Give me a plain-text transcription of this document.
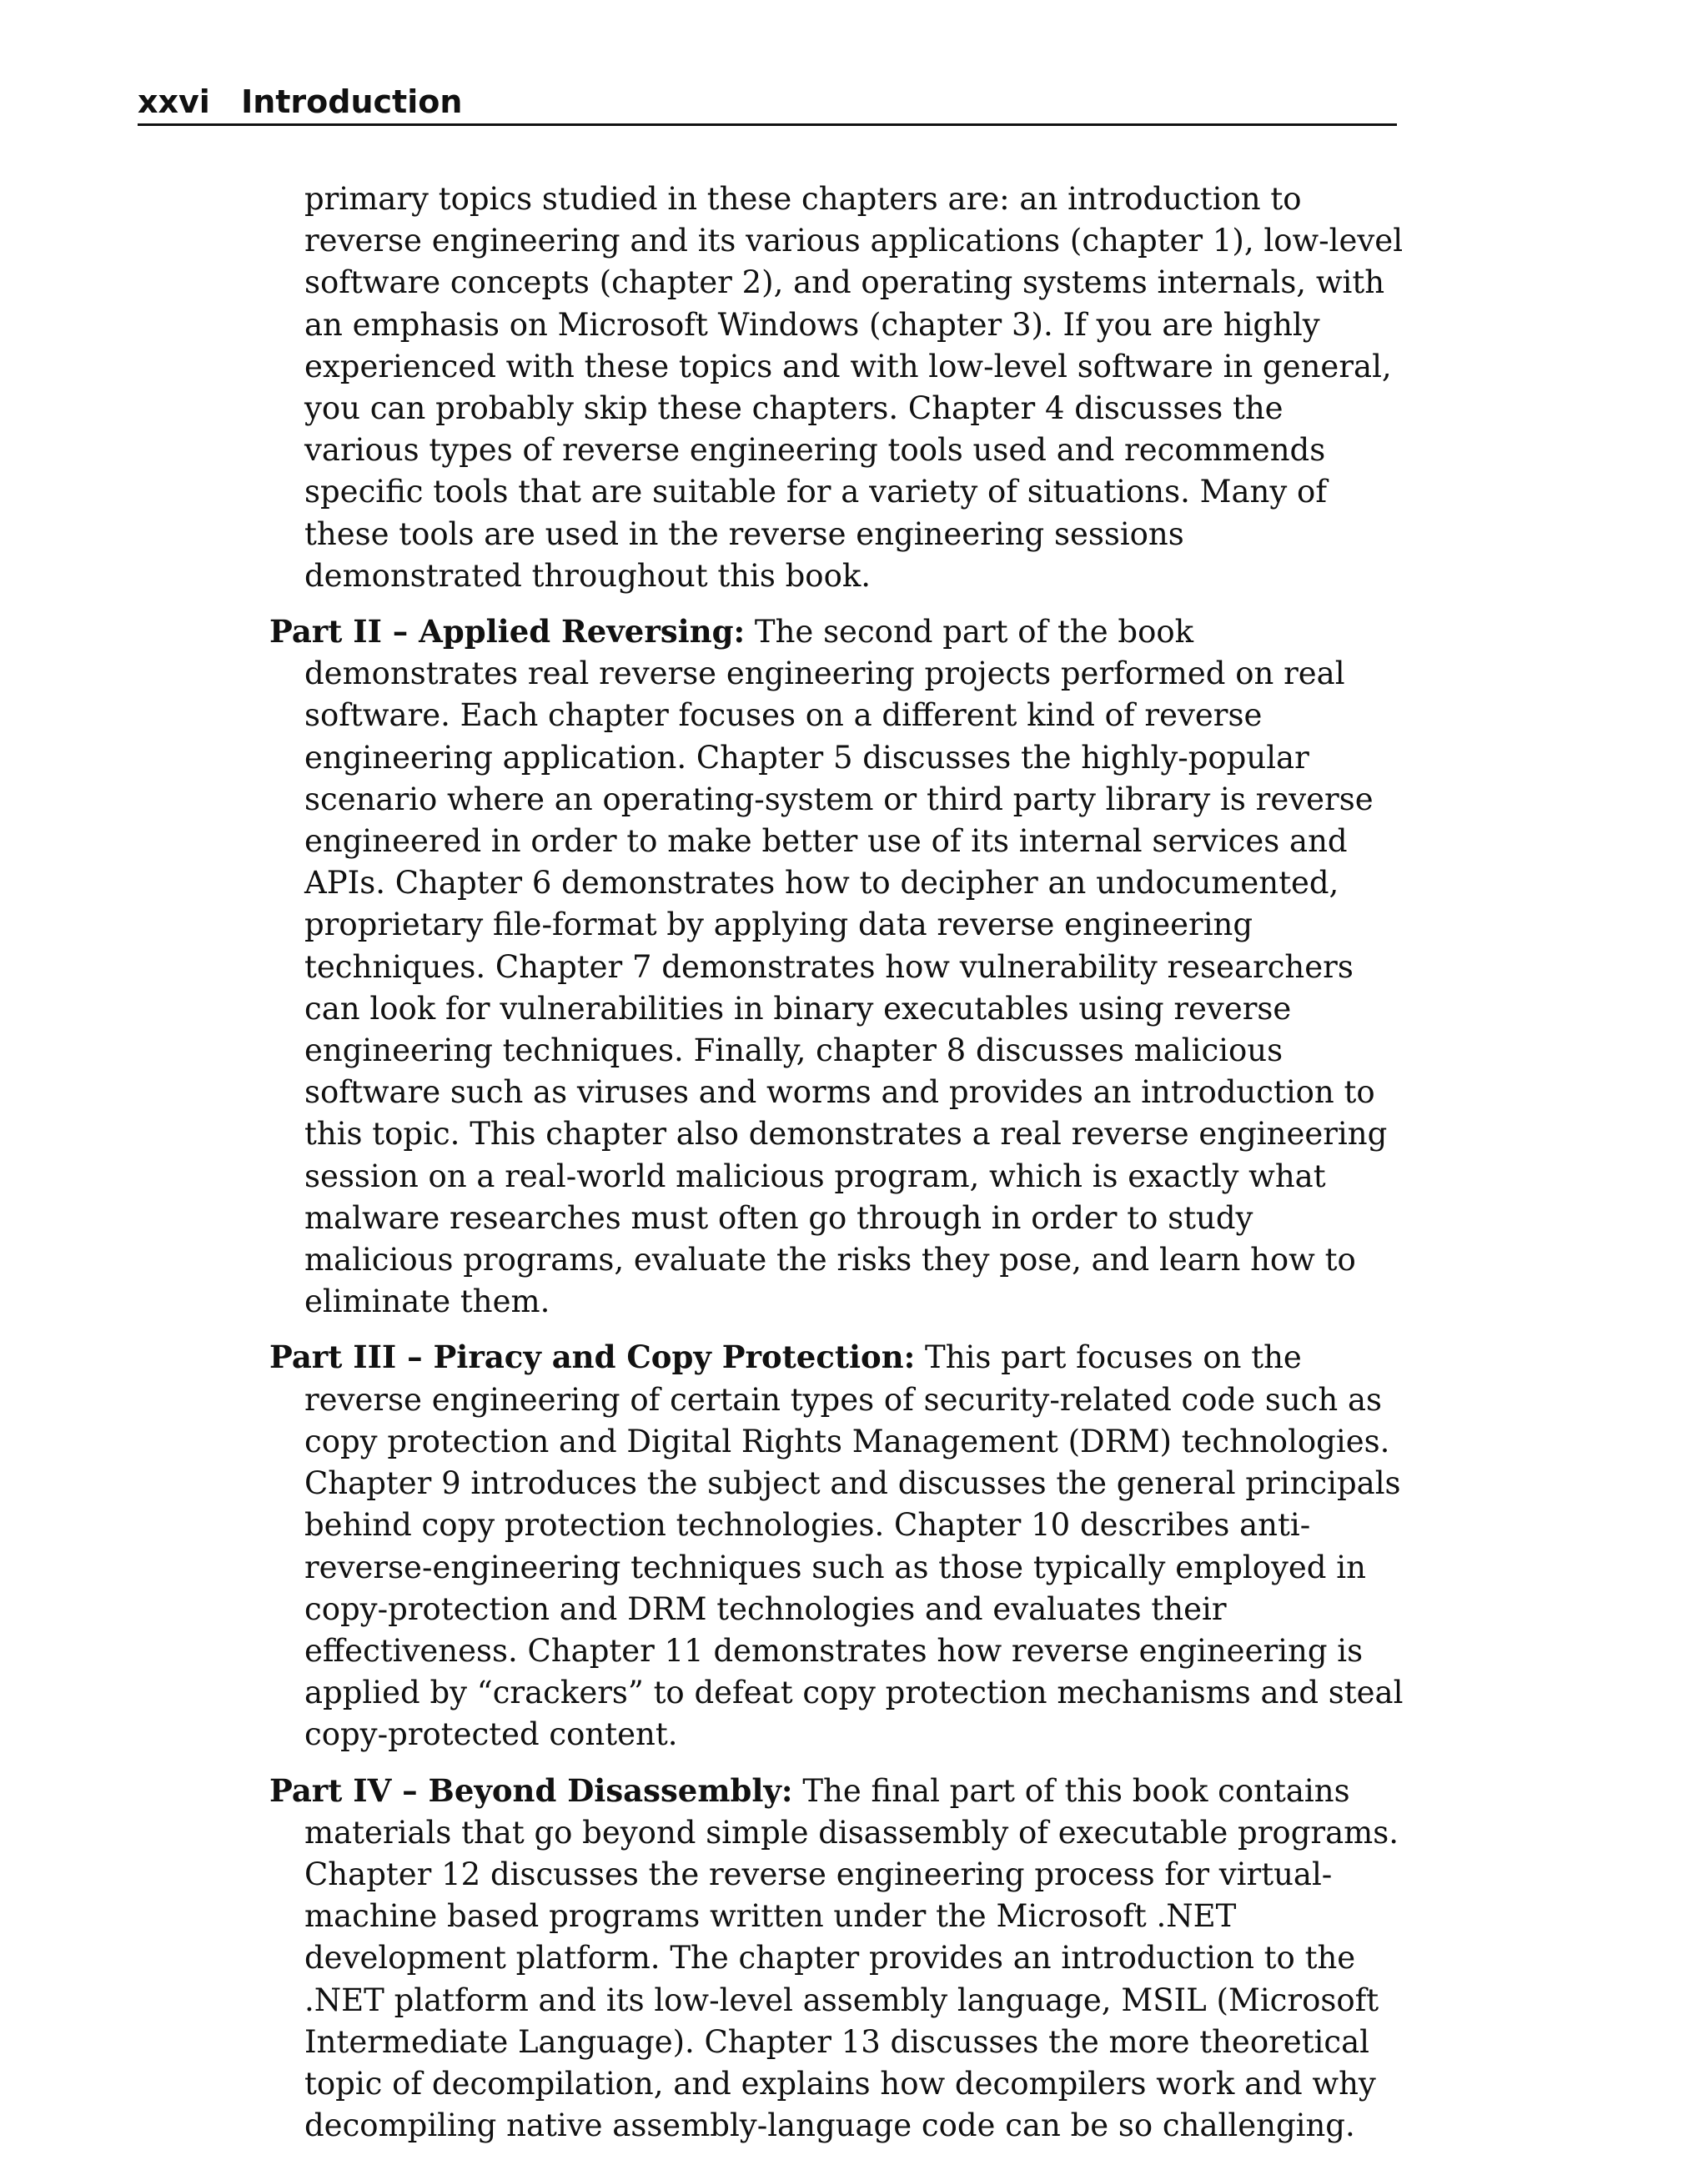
xxvi Introduction

primary topics studied in these chapters are: an introduction to reverse engineering and its various applications (chapter 1), low-level software concepts (chapter 2), and operating systems internals, with an emphasis on Microsoft Windows (chapter 3). If you are highly experienced with these topics and with low-level software in general, you can probably skip these chapters. Chapter 4 discusses the various types of reverse engineering tools used and recommends specific tools that are suitable for a variety of situations. Many of these tools are used in the reverse engineering sessions demonstrated throughout this book.

Part II – Applied Reversing: The second part of the book demonstrates real reverse engineering projects performed on real software. Each chapter focuses on a different kind of reverse engineering application. Chapter 5 discusses the highly-popular scenario where an operating-system or third party library is reverse engineered in order to make better use of its internal services and APIs. Chapter 6 demonstrates how to decipher an undocumented, proprietary file-format by applying data reverse engineering techniques. Chapter 7 demonstrates how vulnerability researchers can look for vulnerabilities in binary executables using reverse engineering techniques. Finally, chapter 8 discusses malicious software such as viruses and worms and provides an introduction to this topic. This chapter also demonstrates a real reverse engineering session on a real-world malicious program, which is exactly what malware researches must often go through in order to study malicious programs, evaluate the risks they pose, and learn how to eliminate them.

Part III – Piracy and Copy Protection: This part focuses on the reverse engineering of certain types of security-related code such as copy protection and Digital Rights Management (DRM) technologies. Chapter 9 introduces the subject and discusses the general principals behind copy protection technologies. Chapter 10 describes anti-reverse-engineering techniques such as those typically employed in copy-protection and DRM technologies and evaluates their effectiveness. Chapter 11 demonstrates how reverse engineering is applied by “crackers” to defeat copy protection mechanisms and steal copy-protected content.

Part IV – Beyond Disassembly: The final part of this book contains materials that go beyond simple disassembly of executable programs. Chapter 12 discusses the reverse engineering process for virtual-machine based programs written under the Microsoft .NET development platform. The chapter provides an introduction to the .NET platform and its low-level assembly language, MSIL (Microsoft Intermediate Language). Chapter 13 discusses the more theoretical topic of decompilation, and explains how decompilers work and why decompiling native assembly-language code can be so challenging.
